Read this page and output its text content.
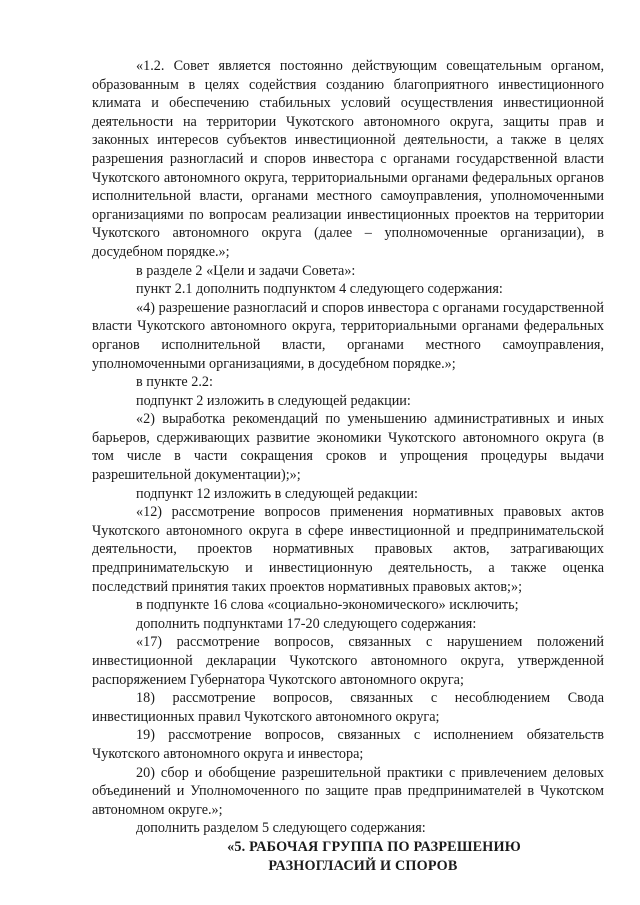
«1.2. Совет является постоянно действующим совещательным органом, образованным в целях содействия созданию благоприятного инвестиционного климата и обеспечению стабильных условий осуществления инвестиционной деятельности на территории Чукотского автономного округа, защиты прав и законных интересов субъектов инвестиционной деятельности, а также в целях разрешения разногласий и споров инвестора с органами государственной власти Чукотского автономного округа, территориальными органами федеральных органов исполнительной власти, органами местного самоуправления, уполномоченными организациями по вопросам реализации инвестиционных проектов на территории Чукотского автономного округа (далее – уполномоченные организации), в досудебном порядке.»;

в разделе 2 «Цели и задачи Совета»:

пункт 2.1 дополнить подпунктом 4 следующего содержания:

«4) разрешение разногласий и споров инвестора с органами государственной власти Чукотского автономного округа, территориальными органами федеральных органов исполнительной власти, органами местного самоуправления, уполномоченными организациями, в досудебном порядке.»;

в пункте 2.2:

подпункт 2 изложить в следующей редакции:

«2) выработка рекомендаций по уменьшению административных и иных барьеров, сдерживающих развитие экономики Чукотского автономного округа (в том числе в части сокращения сроков и упрощения процедуры выдачи разрешительной документации);»;

подпункт 12 изложить в следующей редакции:

«12) рассмотрение вопросов применения нормативных правовых актов Чукотского автономного округа в сфере инвестиционной и предпринимательской деятельности, проектов нормативных правовых актов, затрагивающих предпринимательскую и инвестиционную деятельность, а также оценка последствий принятия таких проектов нормативных правовых актов;»;

в подпункте 16 слова «социально-экономического» исключить;

дополнить подпунктами 17-20 следующего содержания:

«17) рассмотрение вопросов, связанных с нарушением положений инвестиционной декларации Чукотского автономного округа, утвержденной распоряжением Губернатора Чукотского автономного округа;

18) рассмотрение вопросов, связанных с несоблюдением Свода инвестиционных правил Чукотского автономного округа;

19) рассмотрение вопросов, связанных с исполнением обязательств Чукотского автономного округа и инвестора;

20) сбор и обобщение разрешительной практики с привлечением деловых объединений и Уполномоченного по защите прав предпринимателей в Чукотском автономном округе.»;

дополнить разделом 5 следующего содержания:

«5. РАБОЧАЯ ГРУППА ПО РАЗРЕШЕНИЮ
РАЗНОГЛАСИЙ И СПОРОВ
